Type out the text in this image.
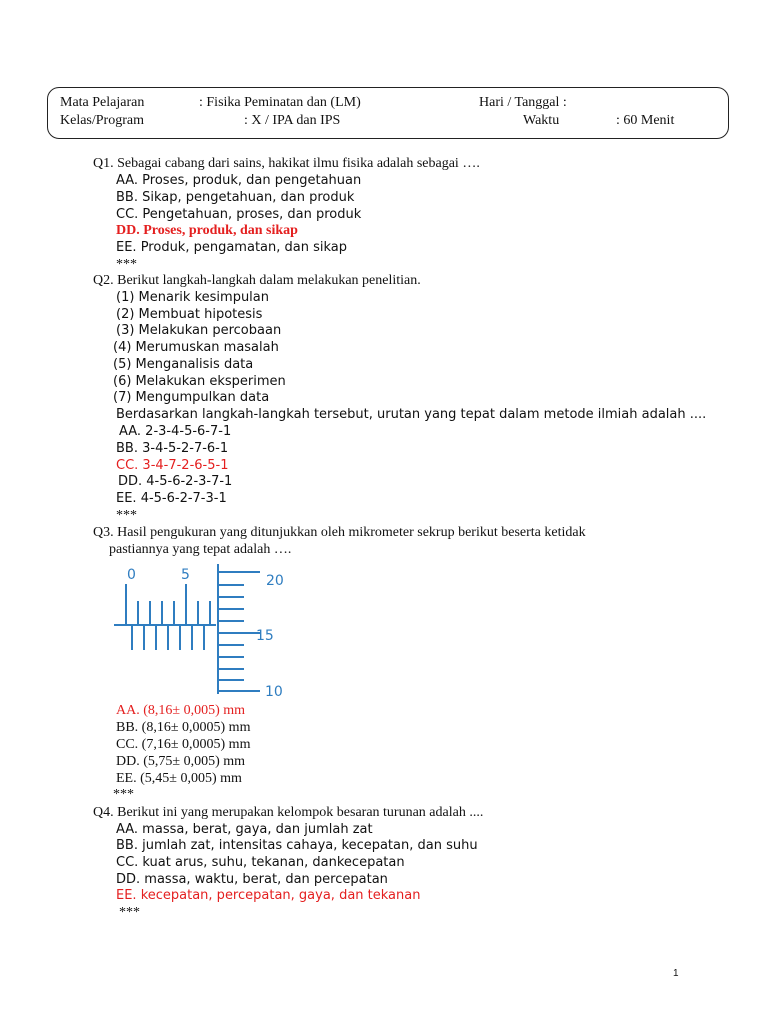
Mata Pelajaran	: Fisika Peminatan dan (LM)	Hari / Tanggal :
Kelas/Program	: X / IPA dan IPS	Waktu	: 60 Menit
Q1. Sebagai cabang dari sains, hakikat ilmu fisika adalah sebagai ….
AA. Proses, produk, dan pengetahuan
BB. Sikap, pengetahuan, dan produk
CC. Pengetahuan, proses, dan produk
DD. Proses, produk, dan sikap
EE. Produk, pengamatan, dan sikap
***
Q2. Berikut langkah-langkah dalam melakukan penelitian.
(1) Menarik kesimpulan
(2) Membuat hipotesis
(3) Melakukan percobaan
(4) Merumuskan masalah
(5) Menganalisis data
(6) Melakukan eksperimen
(7) Mengumpulkan data
Berdasarkan langkah-langkah tersebut, urutan yang tepat dalam metode ilmiah adalah ....
AA. 2-3-4-5-6-7-1
BB. 3-4-5-2-7-6-1
CC. 3-4-7-2-6-5-1
DD. 4-5-6-2-3-7-1
EE. 4-5-6-2-7-3-1
***
Q3. Hasil pengukuran yang ditunjukkan oleh mikrometer sekrup berikut beserta ketidak
pastiannya yang tepat adalah ….
0	5	20
15
10
AA. (8,16± 0,005) mm
BB. (8,16± 0,0005) mm
CC. (7,16± 0,0005) mm
DD. (5,75± 0,005) mm
EE. (5,45± 0,005) mm
***
Q4. Berikut ini yang merupakan kelompok besaran turunan adalah ....
AA. massa, berat, gaya, dan jumlah zat
BB. jumlah zat, intensitas cahaya, kecepatan, dan suhu
CC. kuat arus, suhu, tekanan, dankecepatan
DD. massa, waktu, berat, dan percepatan
EE. kecepatan, percepatan, gaya, dan tekanan
***
1
